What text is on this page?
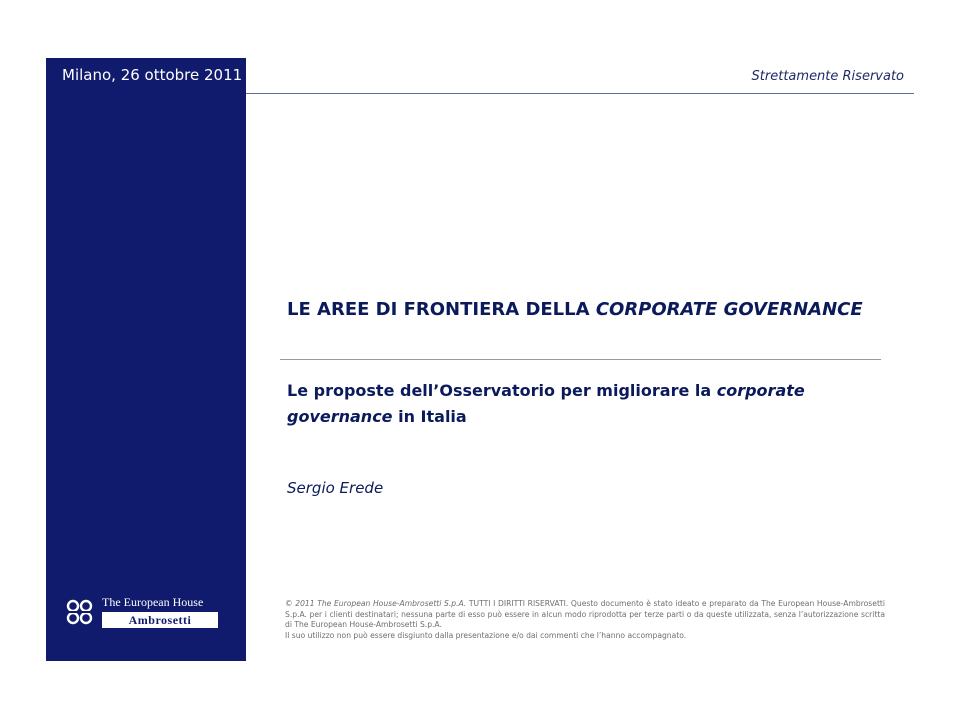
Milano, 26 ottobre 2011	Strettamente Riservato
LE AREE DI FRONTIERA DELLA CORPORATE GOVERNANCE
Le proposte dell’Osservatorio per migliorare la corporate governance in Italia
Sergio Erede
© 2011 The European House-Ambrosetti S.p.A. TUTTI I DIRITTI RISERVATI. Questo documento è stato ideato e preparato da The European House-Ambrosetti S.p.A. per i clienti destinatari; nessuna parte di esso può essere in alcun modo riprodotta per terze parti o da queste utilizzata, senza l’autorizzazione scritta di The European House-Ambrosetti S.p.A.
Il suo utilizzo non può essere disgiunto dalla presentazione e/o dai commenti che l’hanno accompagnato.
The European House
Ambrosetti
